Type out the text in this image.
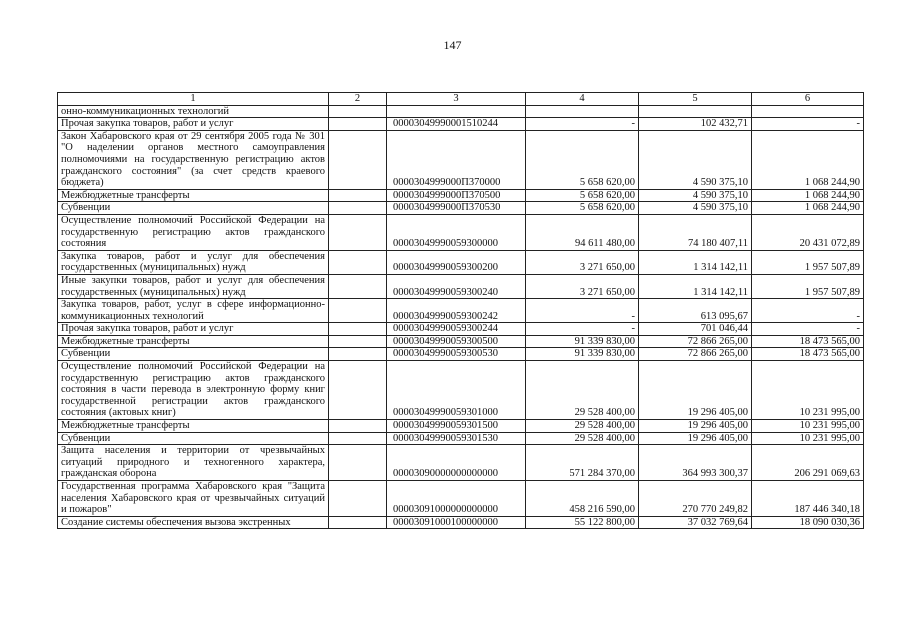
147
1	2	3	4	5	6
онно-коммуникационных технологий					
Прочая закупка товаров, работ и услуг		00003049990001510244	-	102 432,71	-
Закон Хабаровского края от 29 сентября 2005 года № 301 "О наделении органов местного самоуправления полномочиями на государственную регистрацию актов гражданского состояния" (за счет средств краевого бюджета)		0000304999000П370000	5 658 620,00	4 590 375,10	1 068 244,90
Межбюджетные трансферты		0000304999000П370500	5 658 620,00	4 590 375,10	1 068 244,90
Субвенции		0000304999000П370530	5 658 620,00	4 590 375,10	1 068 244,90
Осуществление полномочий Российской Федерации на государственную регистрацию актов гражданского состояния		00003049990059300000	94 611 480,00	74 180 407,11	20 431 072,89
Закупка товаров, работ и услуг для обеспечения государственных (муниципальных) нужд		00003049990059300200	3 271 650,00	1 314 142,11	1 957 507,89
Иные закупки товаров, работ и услуг для обеспечения государственных (муниципальных) нужд		00003049990059300240	3 271 650,00	1 314 142,11	1 957 507,89
Закупка товаров, работ, услуг в сфере информационно-коммуникационных технологий		00003049990059300242	-	613 095,67	-
Прочая закупка товаров, работ и услуг		00003049990059300244	-	701 046,44	-
Межбюджетные трансферты		00003049990059300500	91 339 830,00	72 866 265,00	18 473 565,00
Субвенции		00003049990059300530	91 339 830,00	72 866 265,00	18 473 565,00
Осуществление полномочий Российской Федерации на государственную регистрацию актов гражданского состояния в части перевода в электронную форму книг государственной регистрации актов гражданского состояния (актовых книг)		00003049990059301000	29 528 400,00	19 296 405,00	10 231 995,00
Межбюджетные трансферты		00003049990059301500	29 528 400,00	19 296 405,00	10 231 995,00
Субвенции		00003049990059301530	29 528 400,00	19 296 405,00	10 231 995,00
Защита населения и территории от чрезвычайных ситуаций природного и техногенного характера, гражданская оборона		00003090000000000000	571 284 370,00	364 993 300,37	206 291 069,63
Государственная программа Хабаровского края "Защита населения Хабаровского края от чрезвычайных ситуаций и пожаров"		00003091000000000000	458 216 590,00	270 770 249,82	187 446 340,18
Создание системы обеспечения вызова экстренных		00003091000100000000	55 122 800,00	37 032 769,64	18 090 030,36
